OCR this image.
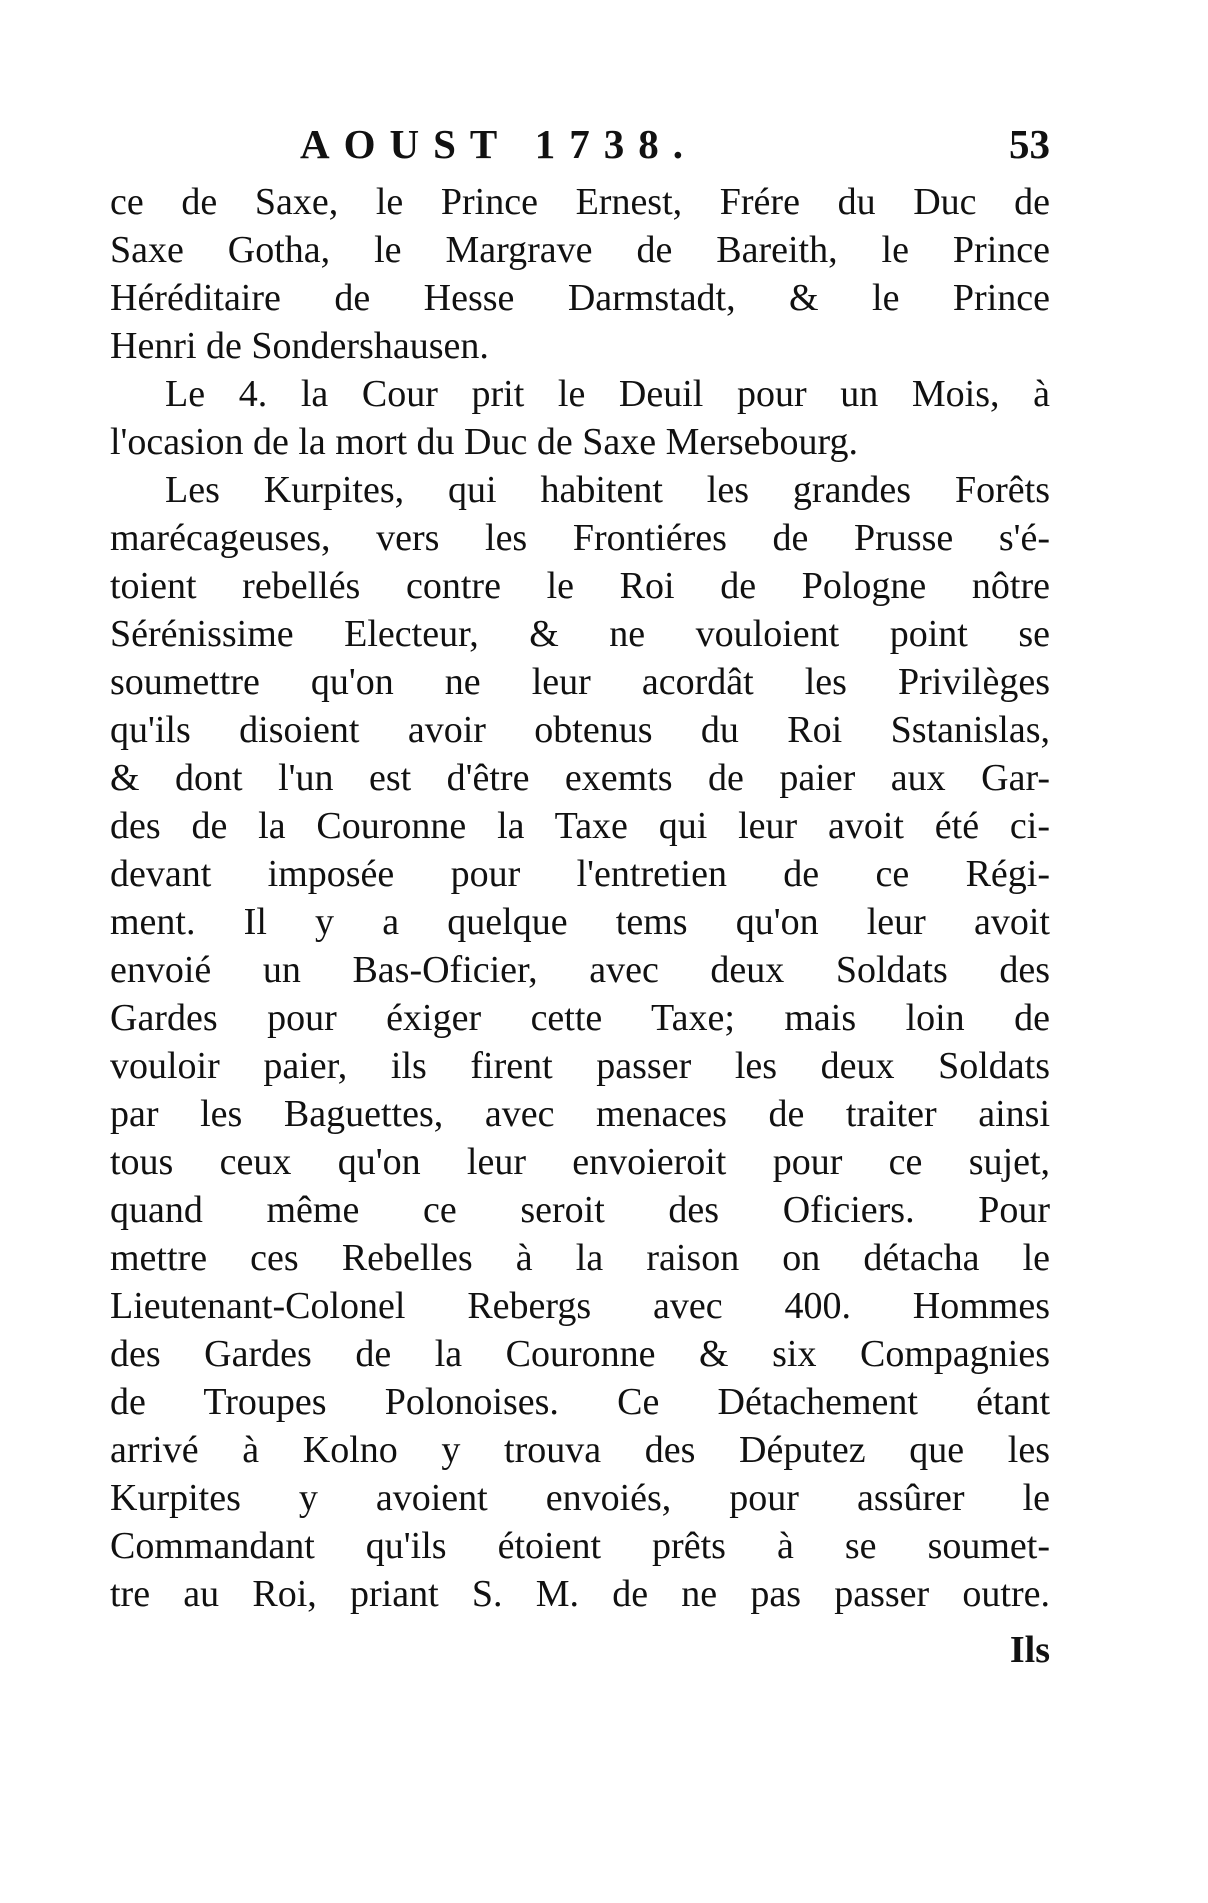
AOUST 1738.	53
ce de Saxe, le Prince Ernest, Frére du Duc de
Saxe Gotha, le Margrave de Bareith, le Prince
Héréditaire de Hesse Darmstadt, & le Prince
Henri de Sondershausen.
Le 4. la Cour prit le Deuil pour un Mois, à
l'ocasion de la mort du Duc de Saxe Mersebourg.
Les Kurpites, qui habitent les grandes Forêts
marécageuses, vers les Frontiéres de Prusse s'é-
toient rebellés contre le Roi de Pologne nôtre
Sérénissime Electeur, & ne vouloient point se
soumettre qu'on ne leur acordât les Privilèges
qu'ils disoient avoir obtenus du Roi Sstanislas,
& dont l'un est d'être exemts de paier aux Gar-
des de la Couronne la Taxe qui leur avoit été ci-
devant imposée pour l'entretien de ce Régi-
ment. Il y a quelque tems qu'on leur avoit
envoié un Bas-Oficier, avec deux Soldats des
Gardes pour éxiger cette Taxe; mais loin de
vouloir paier, ils firent passer les deux Soldats
par les Baguettes, avec menaces de traiter ainsi
tous ceux qu'on leur envoieroit pour ce sujet,
quand même ce seroit des Oficiers. Pour
mettre ces Rebelles à la raison on détacha le
Lieutenant-Colonel Rebergs avec 400. Hommes
des Gardes de la Couronne & six Compagnies
de Troupes Polonoises. Ce Détachement étant
arrivé à Kolno y trouva des Députez que les
Kurpites y avoient envoiés, pour assûrer le
Commandant qu'ils étoient prêts à se soumet-
tre au Roi, priant S. M. de ne pas passer outre.
Ils
